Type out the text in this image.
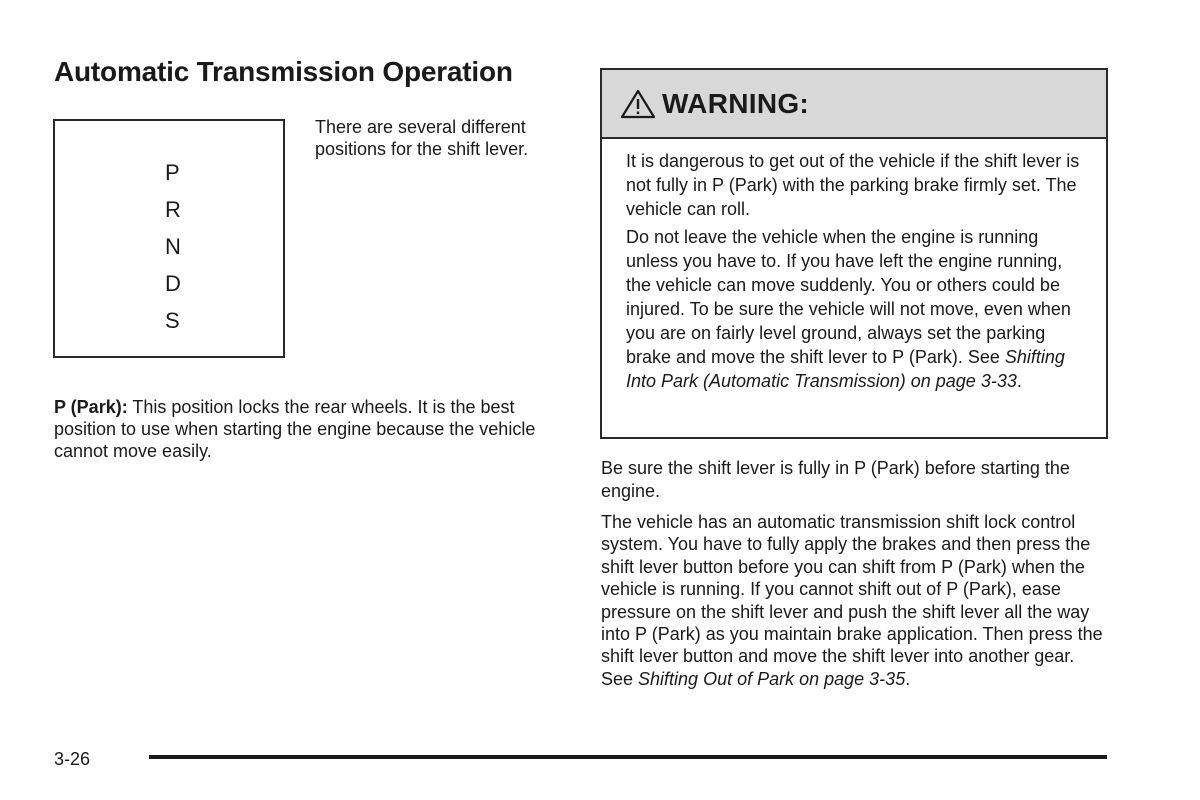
Automatic Transmission Operation
P
R
N
D
S

There are several different positions for the shift lever.

P (Park): This position locks the rear wheels. It is the best position to use when starting the engine because the vehicle cannot move easily.

WARNING:

It is dangerous to get out of the vehicle if the shift lever is not fully in P (Park) with the parking brake firmly set. The vehicle can roll.

Do not leave the vehicle when the engine is running unless you have to. If you have left the engine running, the vehicle can move suddenly. You or others could be injured. To be sure the vehicle will not move, even when you are on fairly level ground, always set the parking brake and move the shift lever to P (Park). See Shifting Into Park (Automatic Transmission) on page 3-33.

Be sure the shift lever is fully in P (Park) before starting the engine.

The vehicle has an automatic transmission shift lock control system. You have to fully apply the brakes and then press the shift lever button before you can shift from P (Park) when the vehicle is running. If you cannot shift out of P (Park), ease pressure on the shift lever and push the shift lever all the way into P (Park) as you maintain brake application. Then press the shift lever button and move the shift lever into another gear.
See Shifting Out of Park on page 3-35.

3-26
